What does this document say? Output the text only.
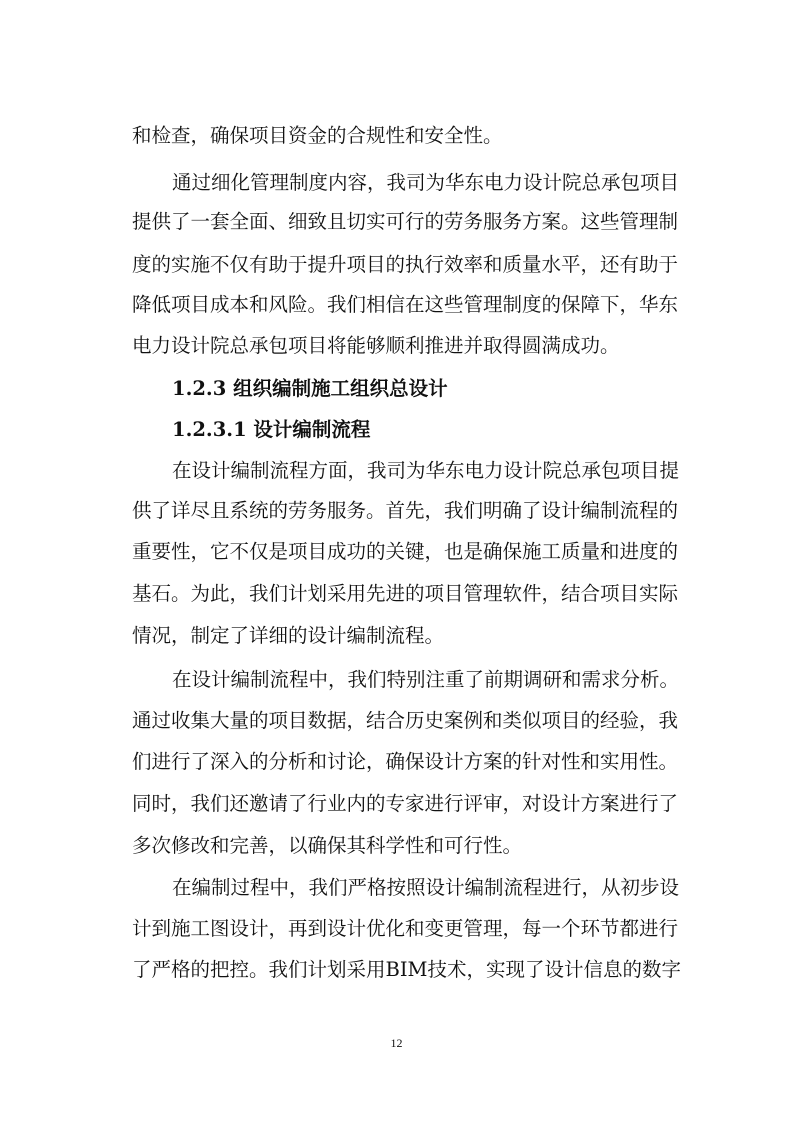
和检查，确保项目资金的合规性和安全性。
通过细化管理制度内容，我司为华东电力设计院总承包项目
提供了一套全面、细致且切实可行的劳务服务方案。这些管理制
度的实施不仅有助于提升项目的执行效率和质量水平，还有助于
降低项目成本和风险。我们相信在这些管理制度的保障下，华东
电力设计院总承包项目将能够顺利推进并取得圆满成功。
1.2.3 组织编制施工组织总设计
1.2.3.1 设计编制流程
在设计编制流程方面，我司为华东电力设计院总承包项目提
供了详尽且系统的劳务服务。首先，我们明确了设计编制流程的
重要性，它不仅是项目成功的关键，也是确保施工质量和进度的
基石。为此，我们计划采用先进的项目管理软件，结合项目实际
情况，制定了详细的设计编制流程。
在设计编制流程中，我们特别注重了前期调研和需求分析。
通过收集大量的项目数据，结合历史案例和类似项目的经验，我
们进行了深入的分析和讨论，确保设计方案的针对性和实用性。
同时，我们还邀请了行业内的专家进行评审，对设计方案进行了
多次修改和完善，以确保其科学性和可行性。
在编制过程中，我们严格按照设计编制流程进行，从初步设
计到施工图设计，再到设计优化和变更管理，每一个环节都进行
了严格的把控。我们计划采用BIM技术，实现了设计信息的数字
12
